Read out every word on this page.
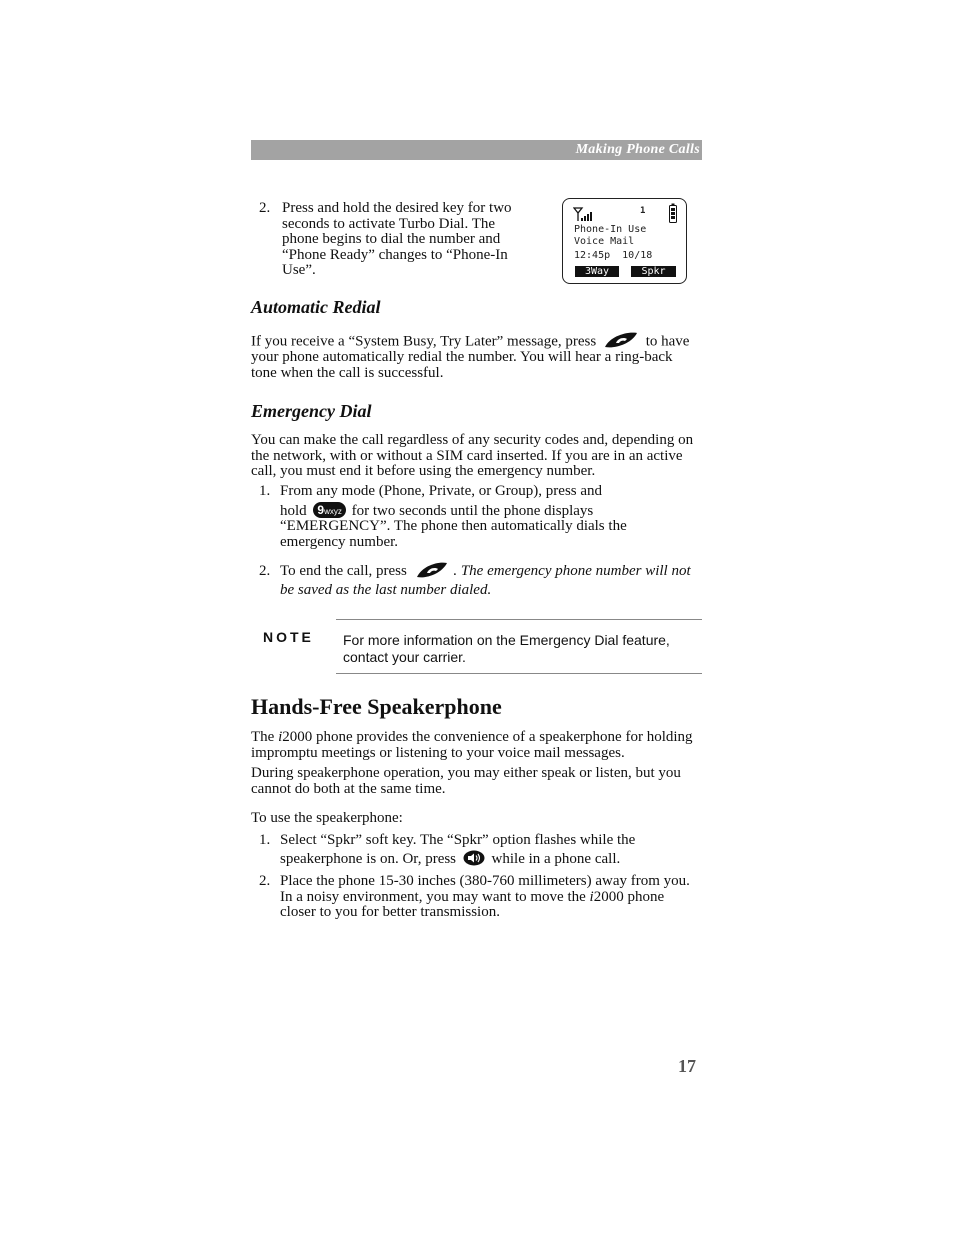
Making Phone Calls

2. Press and hold the desired key for two seconds to activate Turbo Dial. The phone begins to dial the number and “Phone Ready” changes to “Phone-In Use”.

1
Phone-In Use
Voice Mail
12:45p  10/18
3Way	Spkr
Automatic Redial

If you receive a “System Busy, Try Later” message, press	to have your phone automatically redial the number. You will hear a ring-back tone when the call is successful.

Emergency Dial

You can make the call regardless of any security codes and, depending on the network, with or without a SIM card inserted. If you are in an active call, you must end it before using the emergency number.

1. From any mode (Phone, Private, or Group), press and

hold 9wxyz for two seconds until the phone displays “EMERGENCY”. The phone then automatically dials the emergency number.

2. To end the call, press	. The emergency phone number will not be saved as the last number dialed.

NOTE For more information on the Emergency Dial feature, contact your carrier.
Hands-Free Speakerphone

The i2000 phone provides the convenience of a speakerphone for holding impromptu meetings or listening to your voice mail messages.

During speakerphone operation, you may either speak or listen, but you cannot do both at the same time.

To use the speakerphone:

1. Select “Spkr” soft key. The “Spkr” option flashes while the speakerphone is on. Or, press while in a phone call.

2. Place the phone 15-30 inches (380-760 millimeters) away from you. In a noisy environment, you may want to move the i2000 phone closer to you for better transmission.

17
